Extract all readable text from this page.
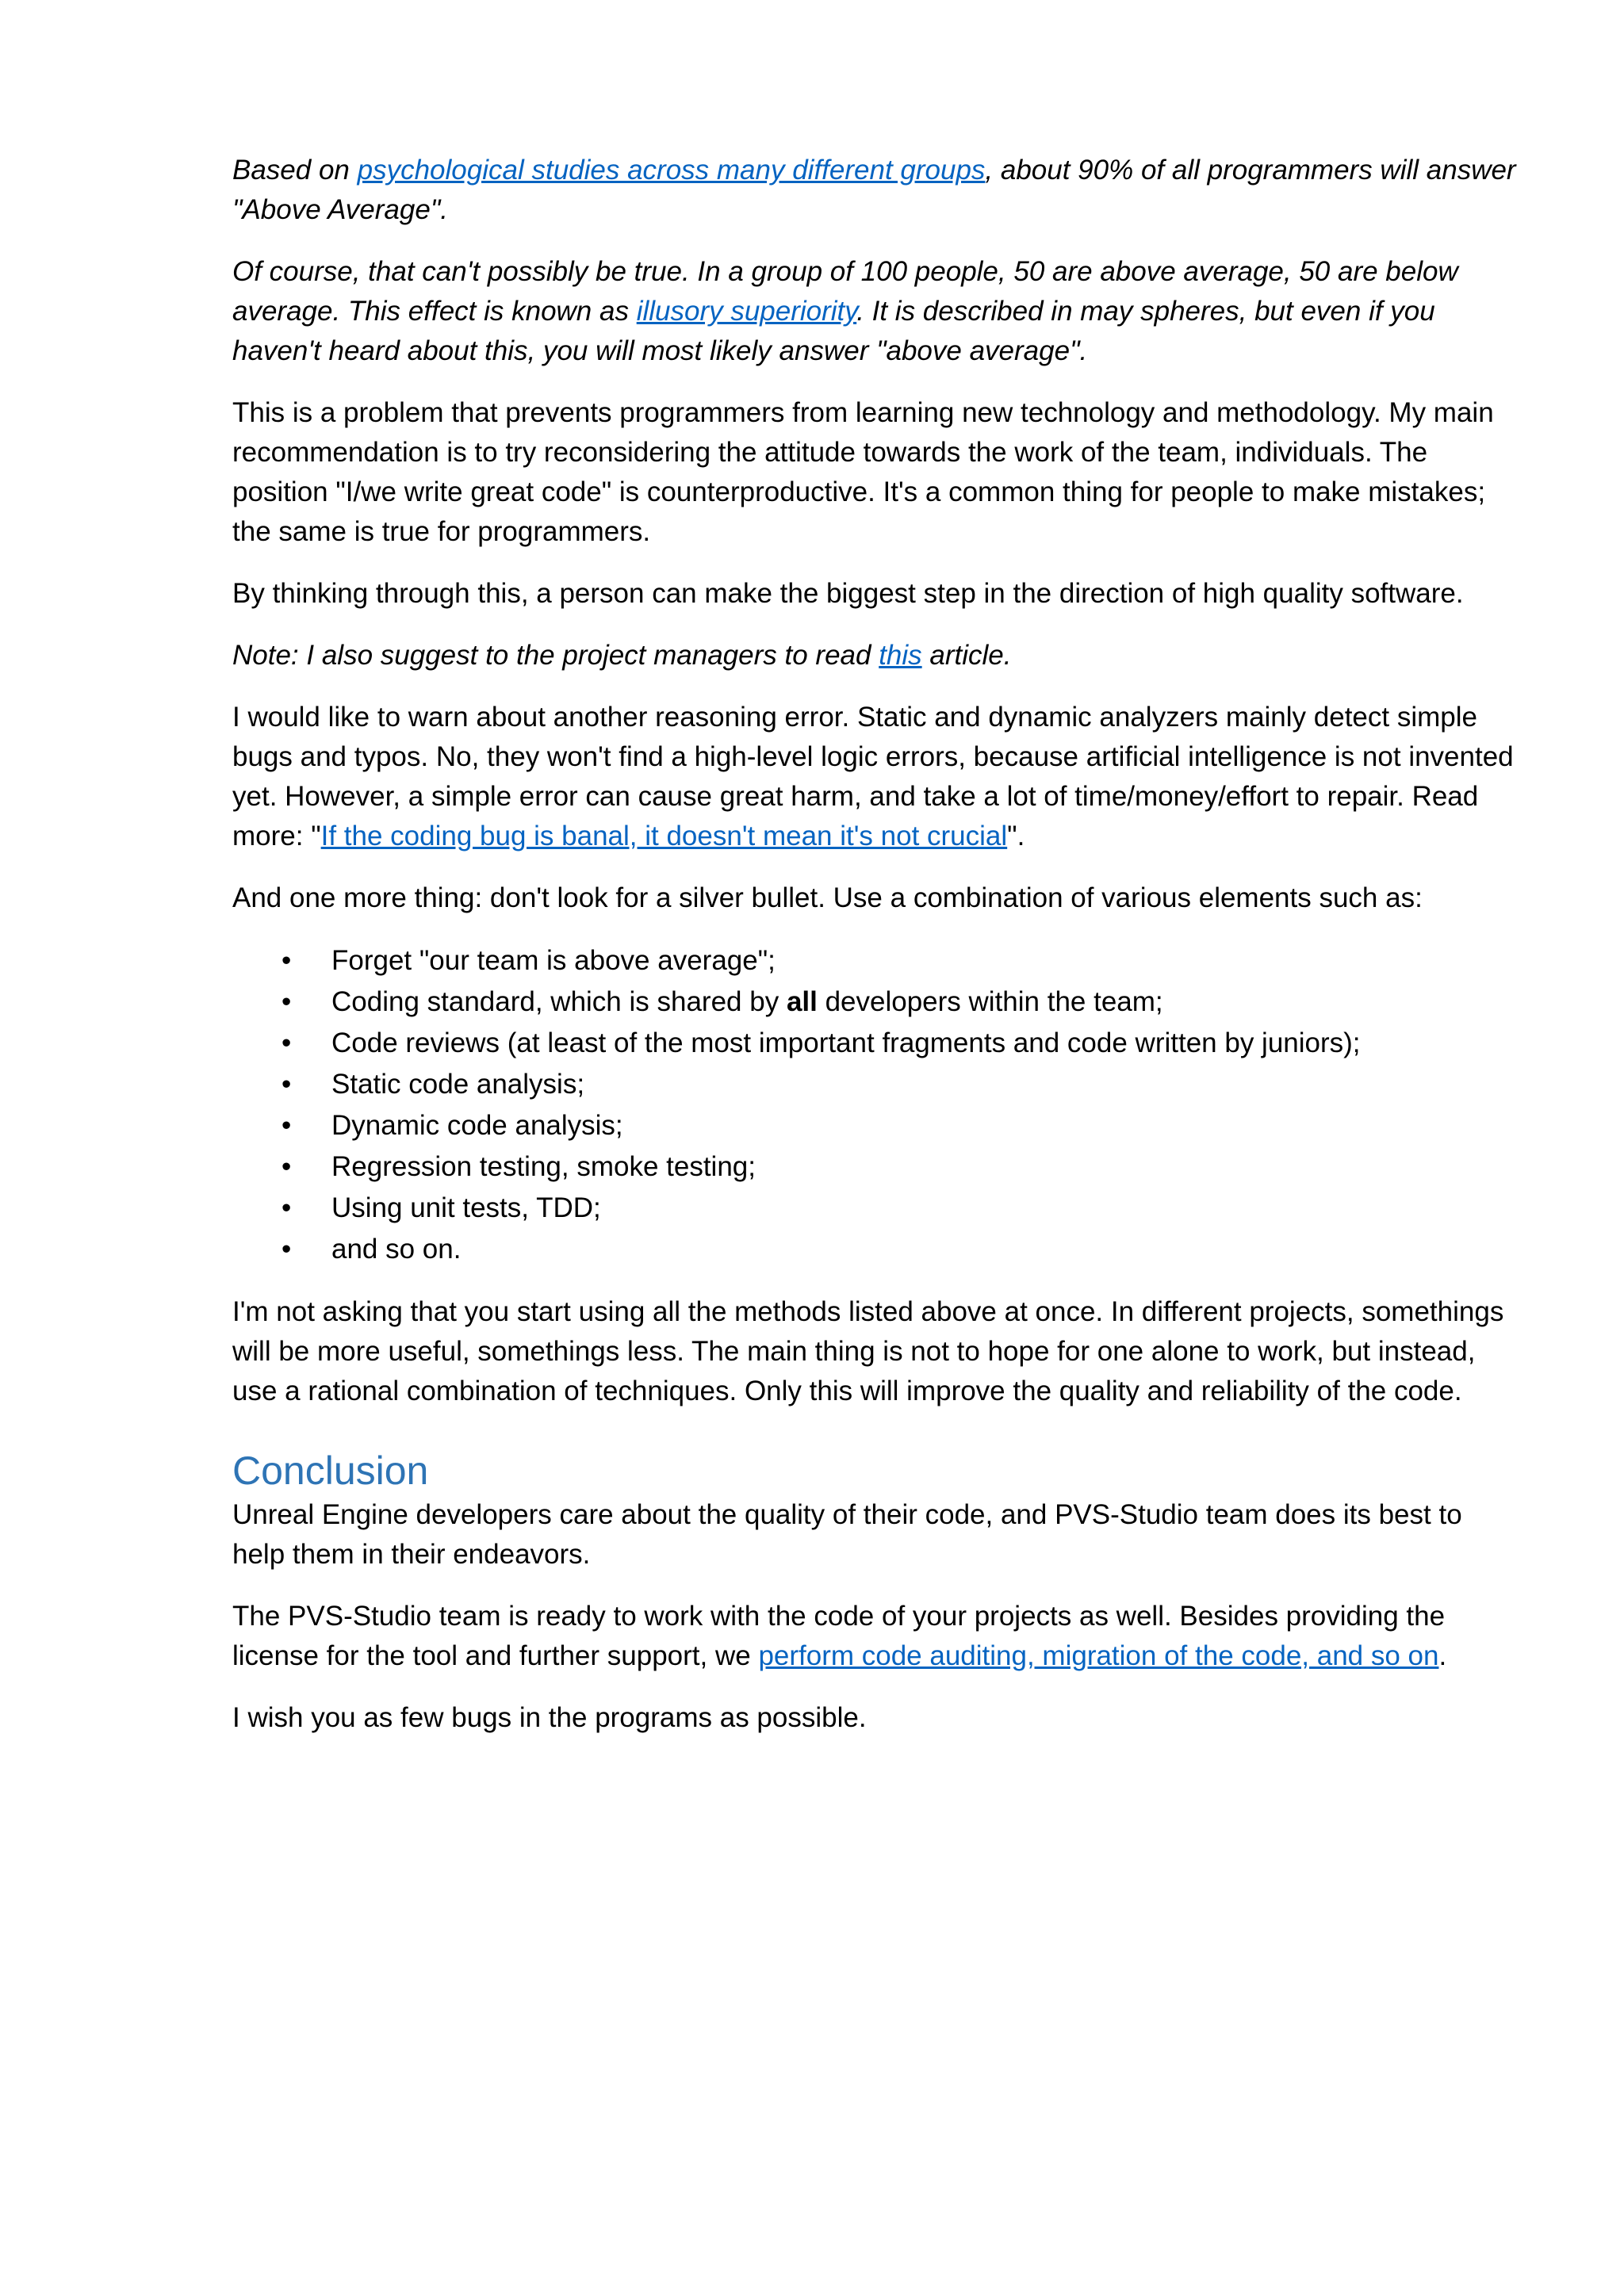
Based on psychological studies across many different groups, about 90% of all programmers will answer "Above Average".

Of course, that can't possibly be true. In a group of 100 people, 50 are above average, 50 are below average. This effect is known as illusory superiority. It is described in may spheres, but even if you haven't heard about this, you will most likely answer "above average".

This is a problem that prevents programmers from learning new technology and methodology. My main recommendation is to try reconsidering the attitude towards the work of the team, individuals. The position "I/we write great code" is counterproductive. It's a common thing for people to make mistakes; the same is true for programmers.

By thinking through this, a person can make the biggest step in the direction of high quality software.

Note: I also suggest to the project managers to read this article.

I would like to warn about another reasoning error. Static and dynamic analyzers mainly detect simple bugs and typos. No, they won't find a high-level logic errors, because artificial intelligence is not invented yet. However, a simple error can cause great harm, and take a lot of time/money/effort to repair. Read more: "If the coding bug is banal, it doesn't mean it's not crucial".

And one more thing: don't look for a silver bullet. Use a combination of various elements such as:

• Forget "our team is above average";
• Coding standard, which is shared by all developers within the team;
• Code reviews (at least of the most important fragments and code written by juniors);
• Static code analysis;
• Dynamic code analysis;
• Regression testing, smoke testing;
• Using unit tests, TDD;
• and so on.

I'm not asking that you start using all the methods listed above at once. In different projects, somethings will be more useful, somethings less. The main thing is not to hope for one alone to work, but instead, use a rational combination of techniques. Only this will improve the quality and reliability of the code.

Conclusion

Unreal Engine developers care about the quality of their code, and PVS-Studio team does its best to help them in their endeavors.

The PVS-Studio team is ready to work with the code of your projects as well. Besides providing the license for the tool and further support, we perform code auditing, migration of the code, and so on.

I wish you as few bugs in the programs as possible.
